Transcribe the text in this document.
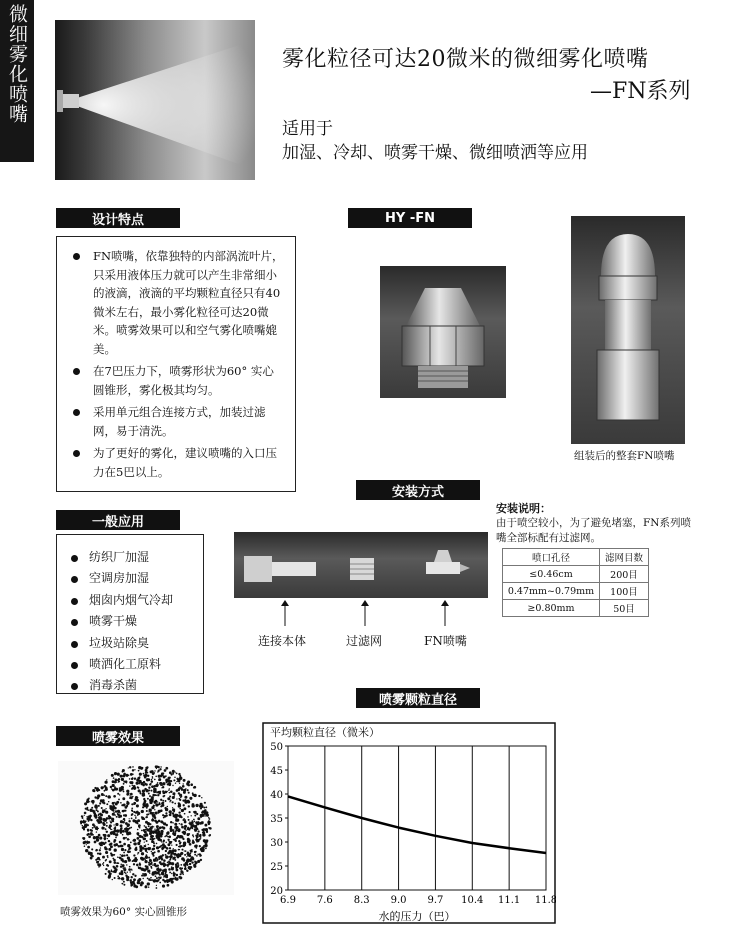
微细雾化喷嘴	雾化粒径可达20微米的微细雾化喷嘴
—FN系列
适用于
加湿、冷却、喷雾干燥、微细喷洒等应用
设计特点
FN喷嘴，依靠独特的内部涡流叶片，只采用液体压力就可以产生非常细小的液滴，液滴的平均颗粒直径只有40微米左右，最小雾化粒径可达20微米。喷雾效果可以和空气雾化喷嘴媲美。
在7巴压力下，喷雾形状为60° 实心圆锥形，雾化极其均匀。
采用单元组合连接方式，加装过滤网，易于清洗。
为了更好的雾化，建议喷嘴的入口压力在5巴以上。
HY -FN
组装后的整套FN喷嘴
一般应用
纺织厂加湿
空调房加湿
烟囱内烟气冷却
喷雾干燥
垃圾站除臭
喷洒化工原料
消毒杀菌
安装方式
连接本体	过滤网	FN喷嘴
安装说明：
由于喷空较小，为了避免堵塞，FN系列喷嘴全部标配有过滤网。
喷口孔径	滤网目数
≤0.46cm	200目
0.47mm~0.79mm	100目
≥0.80mm	50目
喷雾效果
喷雾效果为60° 实心圆锥形
喷雾颗粒直径
平均颗粒直径（微米）
6.9 7.6 8.3 9.0 9.7 10.4 11.1 11.8
20
25
30
35
40
45
50
水的压力（巴）
